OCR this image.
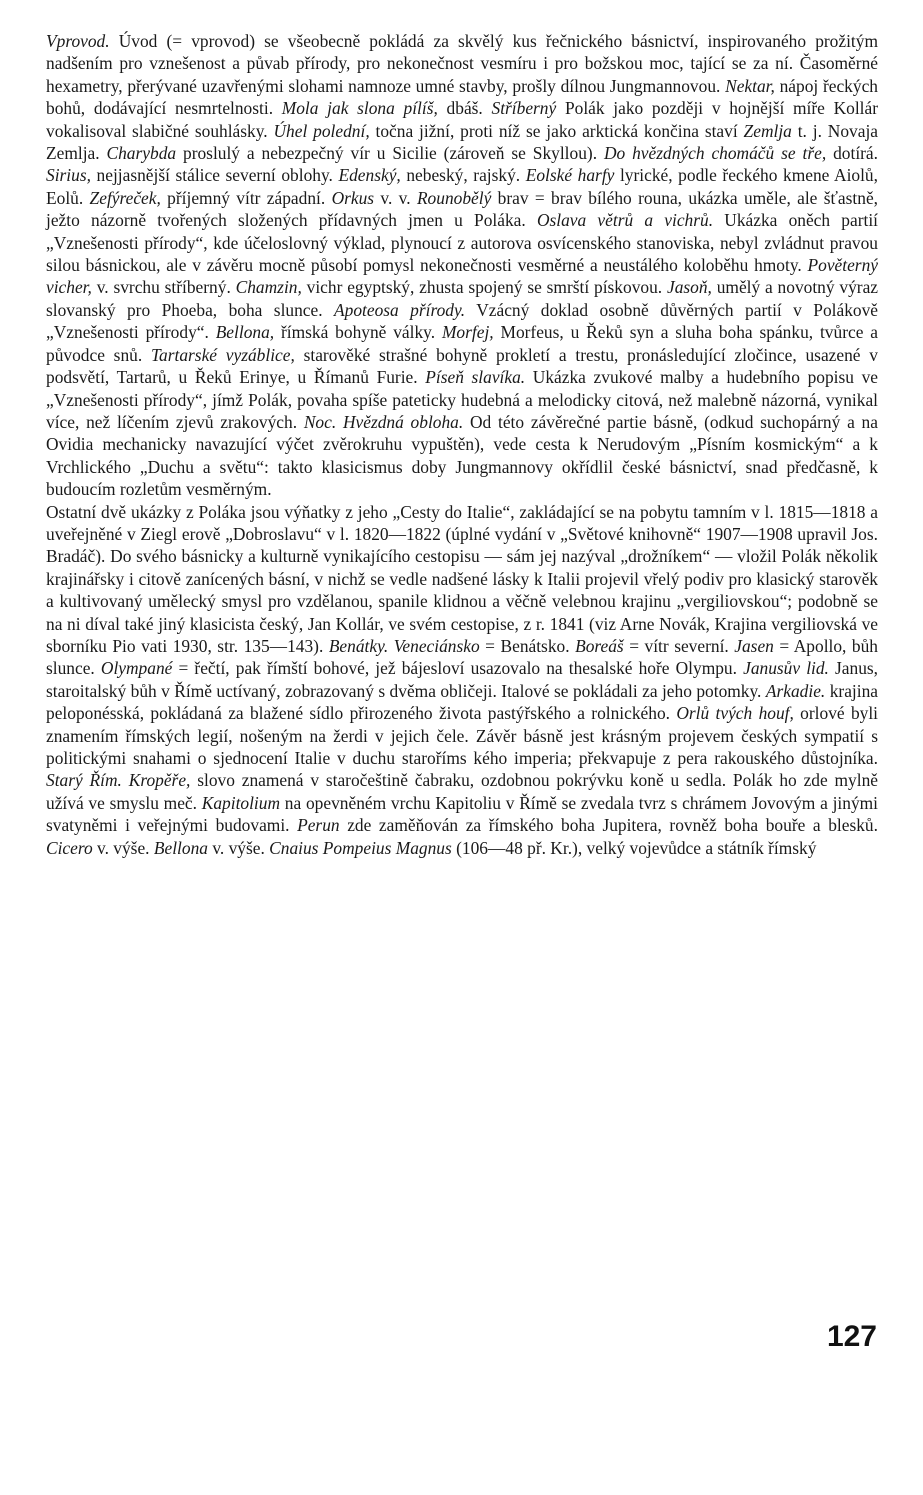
Vprovod. Úvod (= vprovod) se všeobecně pokládá za skvělý kus řečnického básnictví, inspirovaného prožitým nadšením pro vznešenost a půvab přírody, pro nekonečnost vesmíru i pro božskou moc, tající se za ní. Časoměrné hexametry, přerývané uzavřenými slohami namnoze umné stavby, prošly dílnou Jungmannovou. Nektar, nápoj řeckých bohů, dodávající nesmrtelnosti. Mola jak slona pílíš, dbáš. Stříberný Polák jako později v hojnější míře Kollár vokalisoval slabičné souhlásky. Úhel polední, točna jižní, proti níž se jako arktická končina staví Zemlja t. j. Novaja Zemlja. Charybda proslulý a nebezpečný vír u Sicilie (zároveň se Skyllou). Do hvězdných chomáčů se tře, dotírá. Sirius, nejjasnější stálice severní oblohy. Edenský, nebeský, rajský. Eolské harfy lyrické, podle řeckého kmene Aiolů, Eolů. Zefýreček, příjemný vítr západní. Orkus v. v. Rounobělý brav = brav bílého rouna, ukázka uměle, ale šťastně, ježto názorně tvořených složených přídavných jmen u Poláka. Oslava větrů a vichrů. Ukázka oněch partií „Vznešenosti přírody“, kde účeloslovný výklad, plynoucí z autorova osvícenského stanoviska, nebyl zvládnut pravou silou básnickou, ale v závěru mocně působí pomysl nekonečnosti vesměrné a neustálého koloběhu hmoty. Pověterný vicher, v. svrchu stříberný. Chamzin, vichr egyptský, zhusta spojený se smrští pískovou. Jasoň, umělý a novotný výraz slovanský pro Phoeba, boha slunce. Apoteosa přírody. Vzácný doklad osobně důvěrných partií v Polákově „Vznešenosti přírody“. Bellona, římská bohyně války. Morfej, Morfeus, u Řeků syn a sluha boha spánku, tvůrce a původce snů. Tartarské vyzáblice, starověké strašné bohyně prokletí a trestu, pronásledující zločince, usazené v podsvětí, Tartarů, u Řeků Erinye, u Římanů Furie. Píseň slavíka. Ukázka zvukové malby a hudebního popisu ve „Vznešenosti přírody“, jímž Polák, povaha spíše pateticky hudebná a melodicky citová, než malebně názorná, vynikal více, než líčením zjevů zrakových. Noc. Hvězdná obloha. Od této závěrečné partie básně, (odkud suchopárný a na Ovidia mechanicky navazující výčet zvěrokruhu vypuštěn), vede cesta k Nerudovým „Písním kosmickým“ a k Vrchlického „Duchu a světu“: takto klasicismus doby Jungmannovy okřídlil české básnictví, snad předčasně, k budoucím rozletům vesměrným.

Ostatní dvě ukázky z Poláka jsou výňatky z jeho „Cesty do Italie“, zakládající se na pobytu tamním v l. 1815—1818 a uveřejněné v Ziegl erově „Dobroslavu“ v l. 1820—1822 (úplné vydání v „Světové knihovně“ 1907—1908 upravil Jos. Bradáč). Do svého básnicky a kulturně vynikajícího cestopisu — sám jej nazýval „drožníkem“ — vložil Polák několik krajinářsky i citově zanícených básní, v nichž se vedle nadšené lásky k Italii projevil vřelý podiv pro klasický starověk a kultivovaný umělecký smysl pro vzdělanou, spanile klidnou a věčně velebnou krajinu „vergiliovskou“; podobně se na ni díval také jiný klasicista český, Jan Kollár, ve svém cestopise, z r. 1841 (viz Arne Novák, Krajina vergiliovská ve sborníku Pio vati 1930, str. 135—143). Benátky. Veneciánsko = Benátsko. Boreáš = vítr severní. Jasen = Apollo, bůh slunce. Olympané = řečtí, pak římští bohové, jež bájesloví usazovalo na thesalské hoře Olympu. Janusův lid. Janus, staroitalský bůh v Římě uctívaný, zobrazovaný s dvěma obličeji. Italové se pokládali za jeho potomky. Arkadie. krajina peloponésská, pokládaná za blažené sídlo přirozeného života pastýřského a rolnického. Orlů tvých houf, orlové byli znamením římských legií, nošeným na žerdi v jejich čele. Závěr básně jest krásným projevem českých sympatií s politickými snahami o sjednocení Italie v duchu staroříms kého imperia; překvapuje z pera rakouského důstojníka. Starý Řím. Kropěře, slovo znamená v staročeštině čabraku, ozdobnou pokrývku koně u sedla. Polák ho zde mylně užívá ve smyslu meč. Kapitolium na opevněném vrchu Kapitoliu v Římě se zvedala tvrz s chrámem Jovovým a jinými svatyněmi i veřejnými budovami. Perun zde zaměňován za římského boha Jupitera, rovněž boha bouře a blesků. Cicero v. výše. Bellona v. výše. Cnaius Pompeius Magnus (106—48 př. Kr.), velký vojevůdce a státník římský

127
